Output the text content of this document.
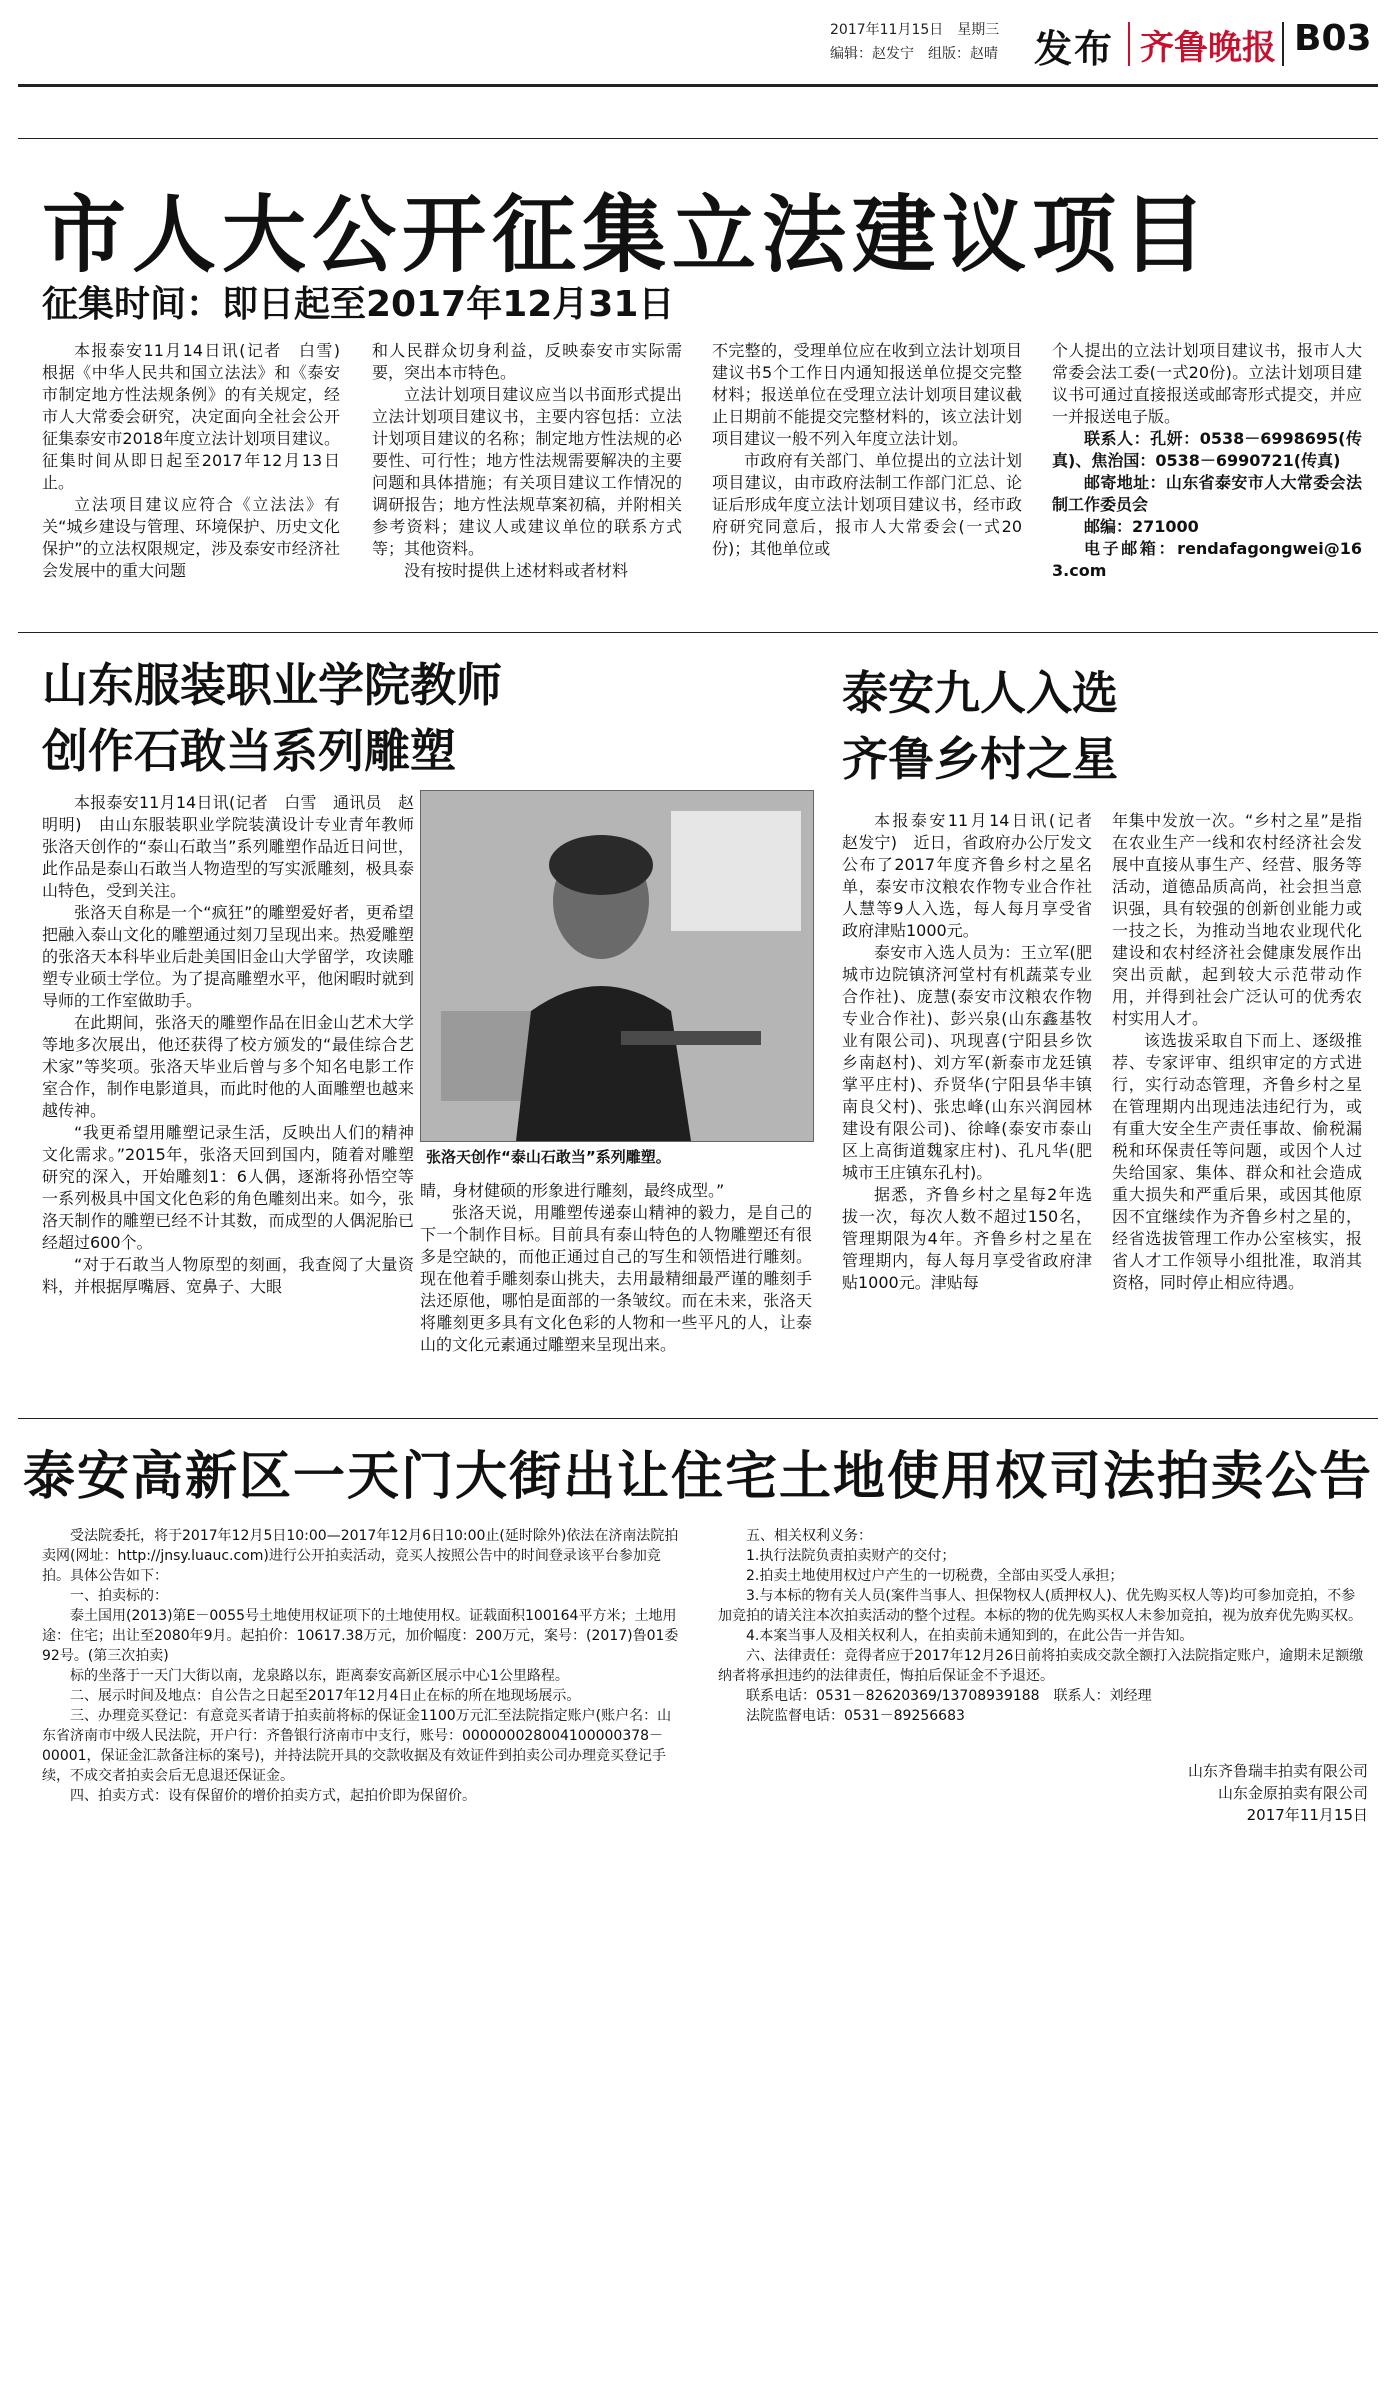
2017年11月15日　星期三
编辑：赵发宁　组版：赵晴 发布 齐鲁晚报 B03
市人大公开征集立法建议项目
征集时间：即日起至2017年12月31日

本报泰安11月14日讯(记者　白雪)　根据《中华人民共和国立法法》和《泰安市制定地方性法规条例》的有关规定，经市人大常委会研究，决定面向全社会公开征集泰安市2018年度立法计划项目建议。征集时间从即日起至2017年12月13日止。

立法项目建议应符合《立法法》有关“城乡建设与管理、环境保护、历史文化保护”的立法权限规定，涉及泰安市经济社会发展中的重大问题

和人民群众切身利益，反映泰安市实际需要，突出本市特色。

立法计划项目建议应当以书面形式提出立法计划项目建议书，主要内容包括：立法计划项目建议的名称；制定地方性法规的必要性、可行性；地方性法规需要解决的主要问题和具体措施；有关项目建议工作情况的调研报告；地方性法规草案初稿，并附相关参考资料；建议人或建议单位的联系方式等；其他资料。

没有按时提供上述材料或者材料

不完整的，受理单位应在收到立法计划项目建议书5个工作日内通知报送单位提交完整材料；报送单位在受理立法计划项目建议截止日期前不能提交完整材料的，该立法计划项目建议一般不列入年度立法计划。

市政府有关部门、单位提出的立法计划项目建议，由市政府法制工作部门汇总、论证后形成年度立法计划项目建议书，经市政府研究同意后，报市人大常委会(一式20份)；其他单位或

个人提出的立法计划项目建议书，报市人大常委会法工委(一式20份)。立法计划项目建议书可通过直接报送或邮寄形式提交，并应一并报送电子版。

联系人：孔妍：0538－6998695(传真)、焦治国：0538－6990721(传真)

邮寄地址：山东省泰安市人大常委会法制工作委员会

邮编：271000

电子邮箱：rendafagongwei@163.com

山东服装职业学院教师
创作石敢当系列雕塑

本报泰安11月14日讯(记者　白雪　通讯员　赵明明)　由山东服装职业学院装潢设计专业青年教师张洛天创作的“泰山石敢当”系列雕塑作品近日问世，此作品是泰山石敢当人物造型的写实派雕刻，极具泰山特色，受到关注。

张洛天自称是一个“疯狂”的雕塑爱好者，更希望把融入泰山文化的雕塑通过刻刀呈现出来。热爱雕塑的张洛天本科毕业后赴美国旧金山大学留学，攻读雕塑专业硕士学位。为了提高雕塑水平，他闲暇时就到导师的工作室做助手。

在此期间，张洛天的雕塑作品在旧金山艺术大学等地多次展出，他还获得了校方颁发的“最佳综合艺术家”等奖项。张洛天毕业后曾与多个知名电影工作室合作，制作电影道具，而此时他的人面雕塑也越来越传神。

“我更希望用雕塑记录生活，反映出人们的精神文化需求。”2015年，张洛天回到国内，随着对雕塑研究的深入，开始雕刻1：6人偶，逐渐将孙悟空等一系列极具中国文化色彩的角色雕刻出来。如今，张洛天制作的雕塑已经不计其数，而成型的人偶泥胎已经超过600个。

“对于石敢当人物原型的刻画，我查阅了大量资料，并根据厚嘴唇、宽鼻子、大眼

张洛天创作“泰山石敢当”系列雕塑。

睛，身材健硕的形象进行雕刻，最终成型。”

张洛天说，用雕塑传递泰山精神的毅力，是自己的下一个制作目标。目前具有泰山特色的人物雕塑还有很多是空缺的，而他正通过自己的写生和领悟进行雕刻。现在他着手雕刻泰山挑夫，去用最精细最严谨的雕刻手法还原他，哪怕是面部的一条皱纹。而在未来，张洛天将雕刻更多具有文化色彩的人物和一些平凡的人，让泰山的文化元素通过雕塑来呈现出来。

泰安九人入选
齐鲁乡村之星

本报泰安11月14日讯(记者　赵发宁)　近日，省政府办公厅发文公布了2017年度齐鲁乡村之星名单，泰安市汶粮农作物专业合作社人慧等9人入选，每人每月享受省政府津贴1000元。

泰安市入选人员为：王立军(肥城市边院镇济河堂村有机蔬菜专业合作社)、庞慧(泰安市汶粮农作物专业合作社)、彭兴泉(山东鑫基牧业有限公司)、巩现喜(宁阳县乡饮乡南赵村)、刘方军(新泰市龙廷镇掌平庄村)、乔贤华(宁阳县华丰镇南良父村)、张忠峰(山东兴润园林建设有限公司)、徐峰(泰安市泰山区上高街道魏家庄村)、孔凡华(肥城市王庄镇东孔村)。

据悉，齐鲁乡村之星每2年选拔一次，每次人数不超过150名，管理期限为4年。齐鲁乡村之星在管理期内，每人每月享受省政府津贴1000元。津贴每

年集中发放一次。“乡村之星”是指在农业生产一线和农村经济社会发展中直接从事生产、经营、服务等活动，道德品质高尚，社会担当意识强，具有较强的创新创业能力或一技之长，为推动当地农业现代化建设和农村经济社会健康发展作出突出贡献，起到较大示范带动作用，并得到社会广泛认可的优秀农村实用人才。

该选拔采取自下而上、逐级推荐、专家评审、组织审定的方式进行，实行动态管理，齐鲁乡村之星在管理期内出现违法违纪行为，或有重大安全生产责任事故、偷税漏税和环保责任等问题，或因个人过失给国家、集体、群众和社会造成重大损失和严重后果，或因其他原因不宜继续作为齐鲁乡村之星的，经省选拔管理工作办公室核实，报省人才工作领导小组批准，取消其资格，同时停止相应待遇。

泰安高新区一天门大街出让住宅土地使用权司法拍卖公告

受法院委托，将于2017年12月5日10:00—2017年12月6日10:00止(延时除外)依法在济南法院拍卖网(网址：http://jnsy.luauc.com)进行公开拍卖活动，竞买人按照公告中的时间登录该平台参加竞拍。具体公告如下：

一、拍卖标的：

泰土国用(2013)第E－0055号土地使用权证项下的土地使用权。证载面积100164平方米；土地用途：住宅；出让至2080年9月。起拍价：10617.38万元，加价幅度：200万元，案号：(2017)鲁01委92号。(第三次拍卖)

标的坐落于一天门大街以南，龙泉路以东，距离泰安高新区展示中心1公里路程。

二、展示时间及地点：自公告之日起至2017年12月4日止在标的所在地现场展示。

三、办理竞买登记：有意竞买者请于拍卖前将标的保证金1100万元汇至法院指定账户(账户名：山东省济南市中级人民法院，开户行：齐鲁银行济南市中支行，账号：000000028004100000378－00001，保证金汇款备注标的案号)，并持法院开具的交款收据及有效证件到拍卖公司办理竞买登记手续，不成交者拍卖会后无息退还保证金。

四、拍卖方式：设有保留价的增价拍卖方式，起拍价即为保留价。

五、相关权利义务：

1.执行法院负责拍卖财产的交付；

2.拍卖土地使用权过户产生的一切税费，全部由买受人承担；

3.与本标的物有关人员(案件当事人、担保物权人(质押权人)、优先购买权人等)均可参加竞拍，不参加竞拍的请关注本次拍卖活动的整个过程。本标的物的优先购买权人未参加竞拍，视为放弃优先购买权。

4.本案当事人及相关权利人，在拍卖前未通知到的，在此公告一并告知。

六、法律责任：竞得者应于2017年12月26日前将拍卖成交款全额打入法院指定账户，逾期未足额缴纳者将承担违约的法律责任，悔拍后保证金不予退还。

联系电话：0531－82620369/13708939188　联系人：刘经理

法院监督电话：0531－89256683

山东齐鲁瑞丰拍卖有限公司
山东金原拍卖有限公司
2017年11月15日
